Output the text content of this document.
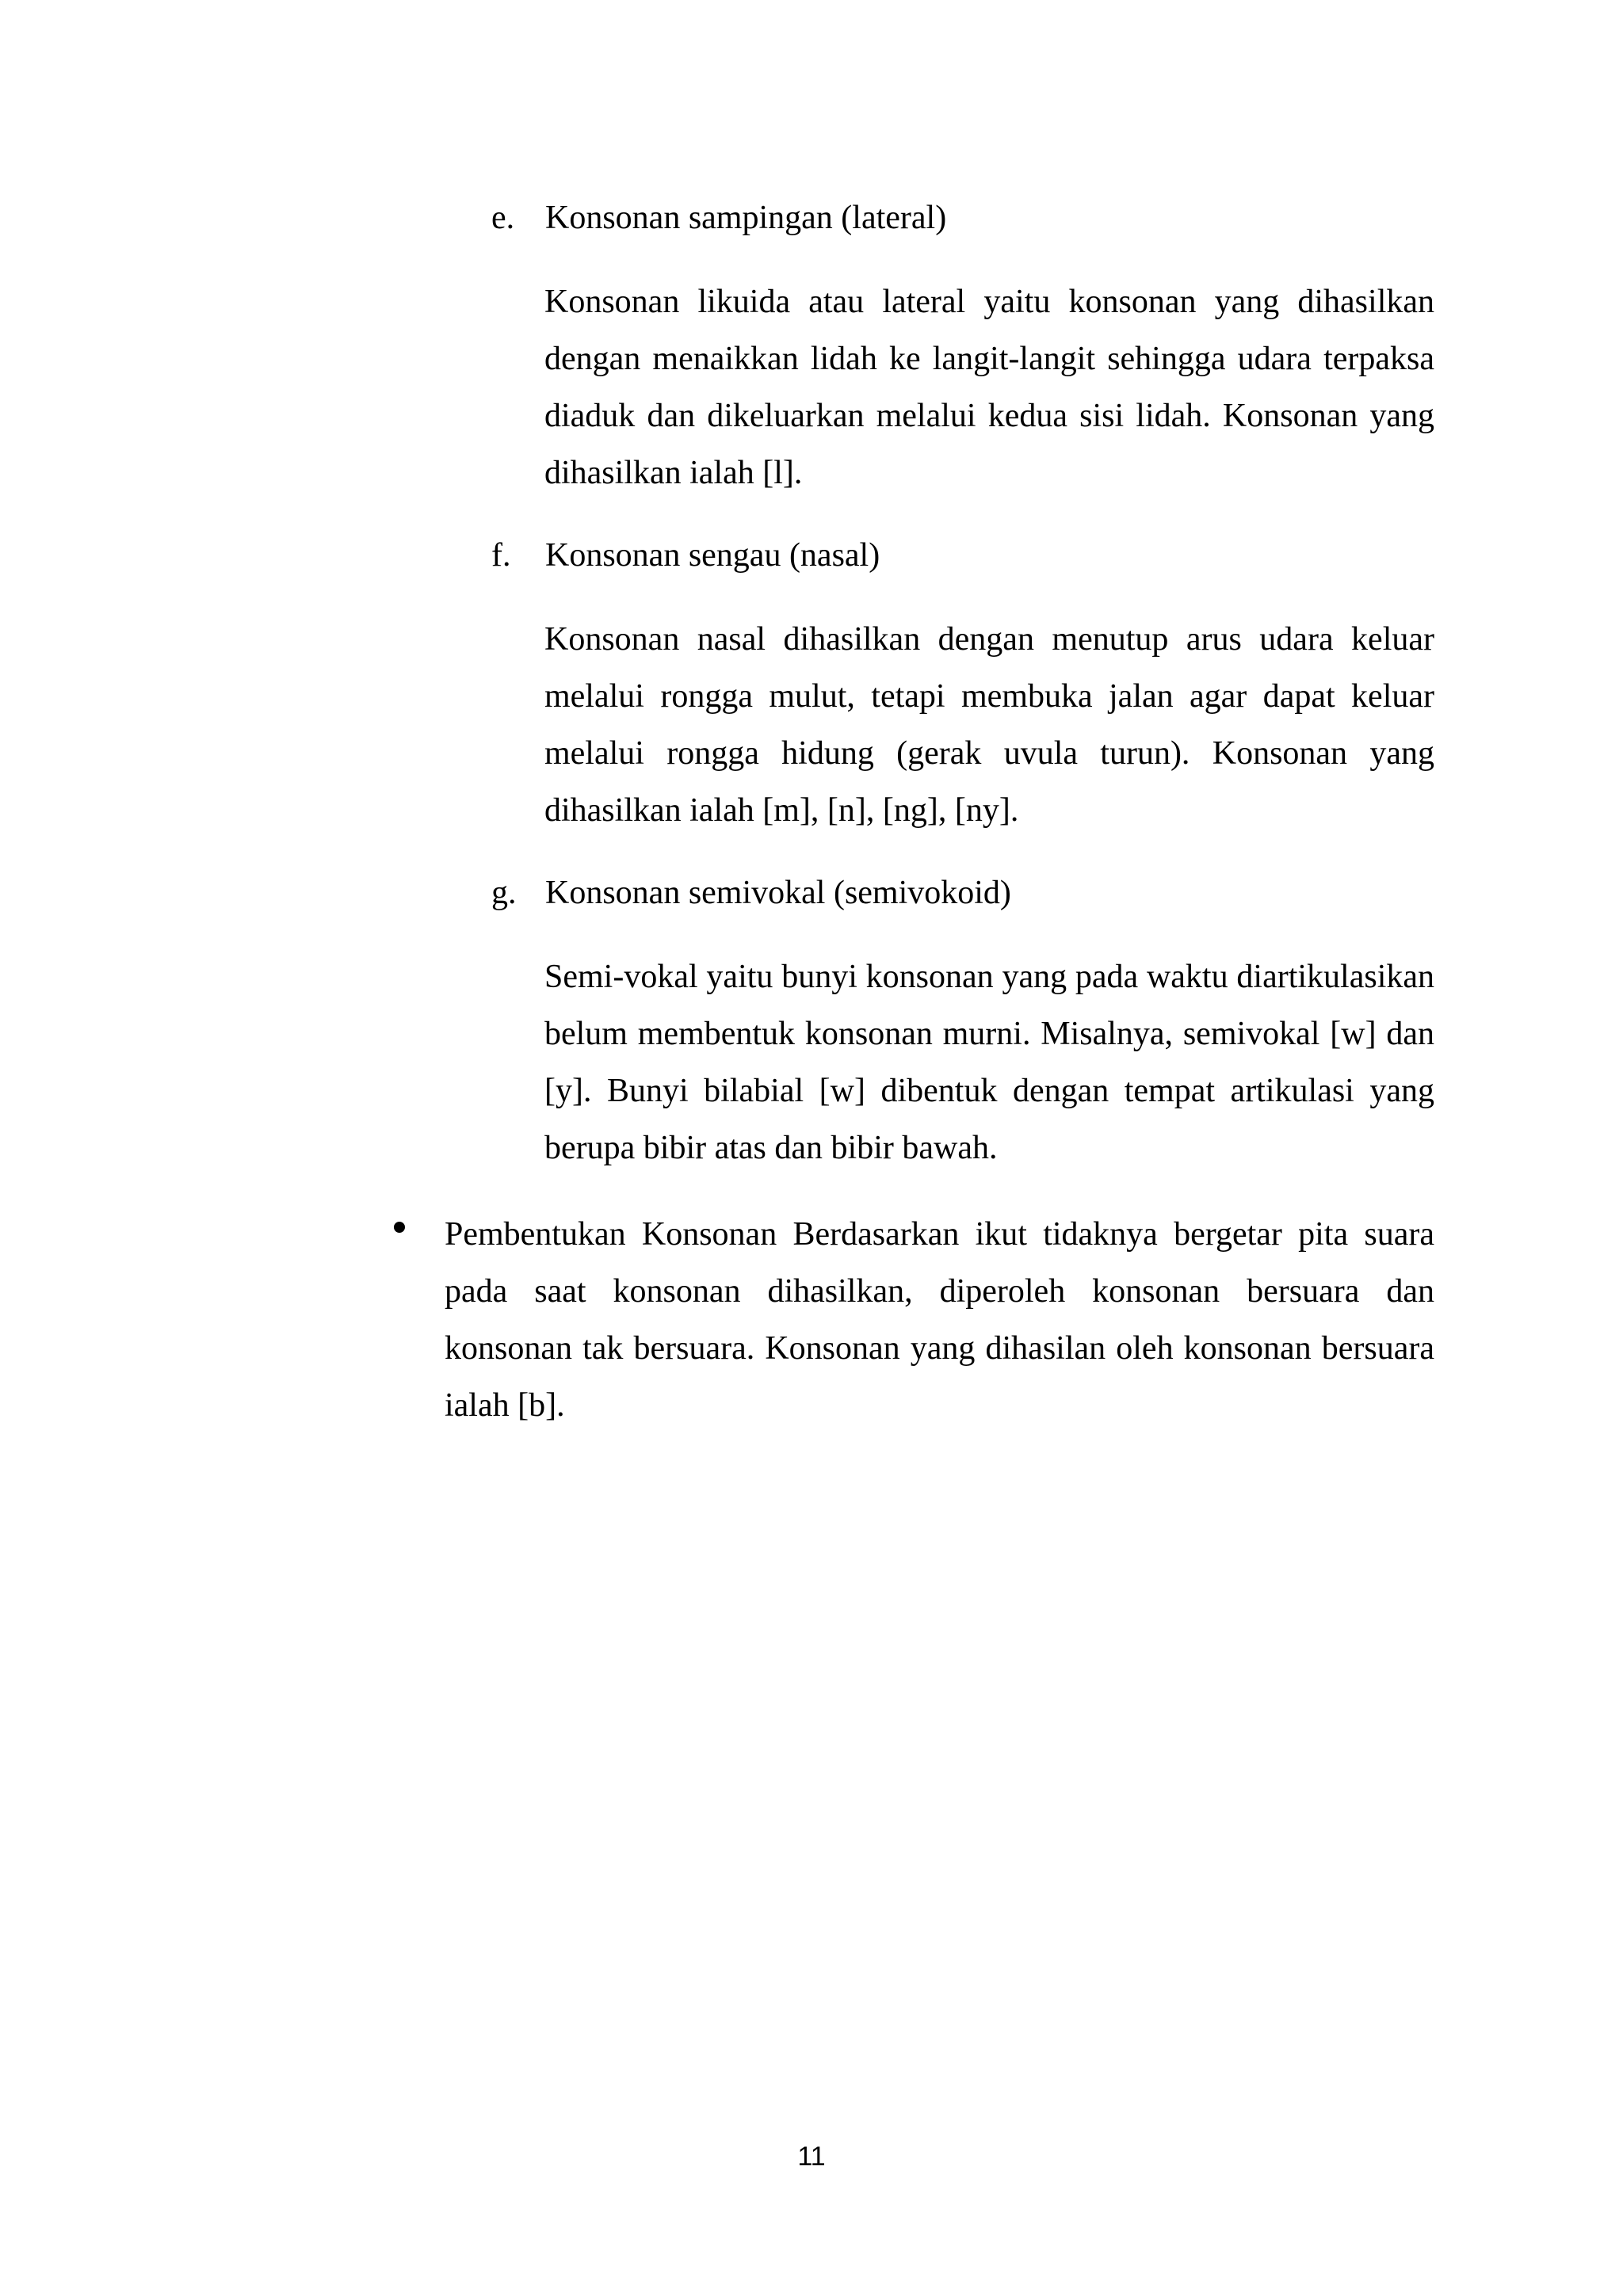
e. Konsonan sampingan (lateral)

Konsonan likuida atau lateral yaitu konsonan yang dihasilkan dengan menaikkan lidah ke langit-langit sehingga udara terpaksa diaduk dan dikeluarkan melalui kedua sisi lidah. Konsonan yang dihasilkan ialah [l].

f. Konsonan sengau (nasal)

Konsonan nasal dihasilkan dengan menutup arus udara keluar melalui rongga mulut, tetapi membuka jalan agar dapat keluar melalui rongga hidung (gerak uvula turun). Konsonan yang dihasilkan ialah [m], [n], [ng], [ny].

g. Konsonan semivokal (semivokoid)

Semi-vokal yaitu bunyi konsonan yang pada waktu diartikulasikan belum membentuk konsonan murni. Misalnya, semivokal [w] dan [y]. Bunyi bilabial [w] dibentuk dengan tempat artikulasi yang berupa bibir atas dan bibir bawah.

Pembentukan Konsonan Berdasarkan ikut tidaknya bergetar pita suara pada saat konsonan dihasilkan, diperoleh konsonan bersuara dan konsonan tak bersuara. Konsonan yang dihasilan oleh konsonan bersuara ialah [b].

11
